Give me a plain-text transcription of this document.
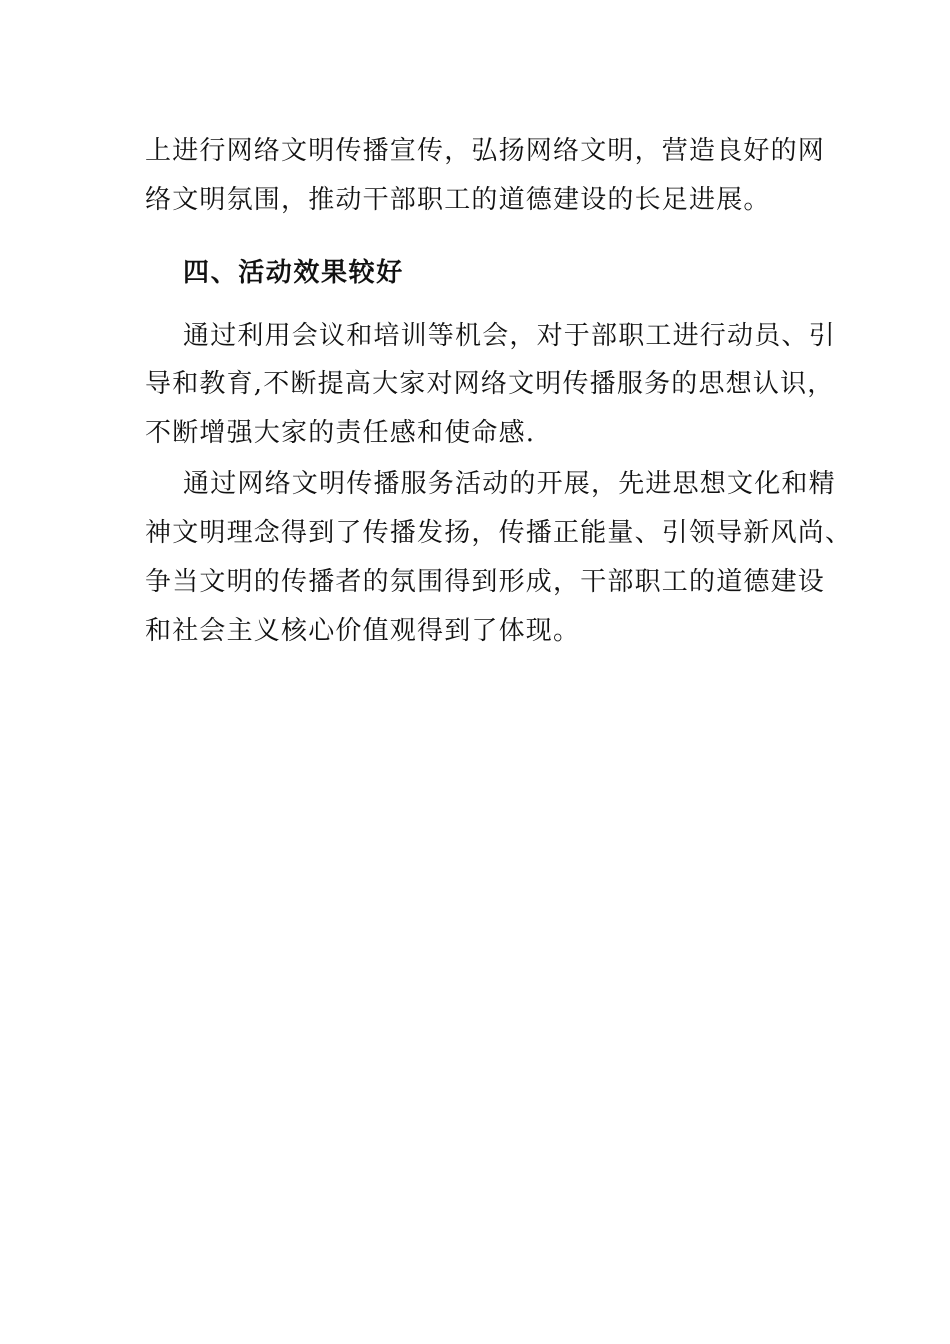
上进行网络文明传播宣传，弘扬网络文明，营造良好的网
络文明氛围，推动干部职工的道德建设的长足进展。
四、活动效果较好
通过利用会议和培训等机会，对于部职工进行动员、引
导和教育,不断提高大家对网络文明传播服务的思想认识，
不断增强大家的责任感和使命感.
通过网络文明传播服务活动的开展，先进思想文化和精
神文明理念得到了传播发扬，传播正能量、引领导新风尚、
争当文明的传播者的氛围得到形成，干部职工的道德建设
和社会主义核心价值观得到了体现。
